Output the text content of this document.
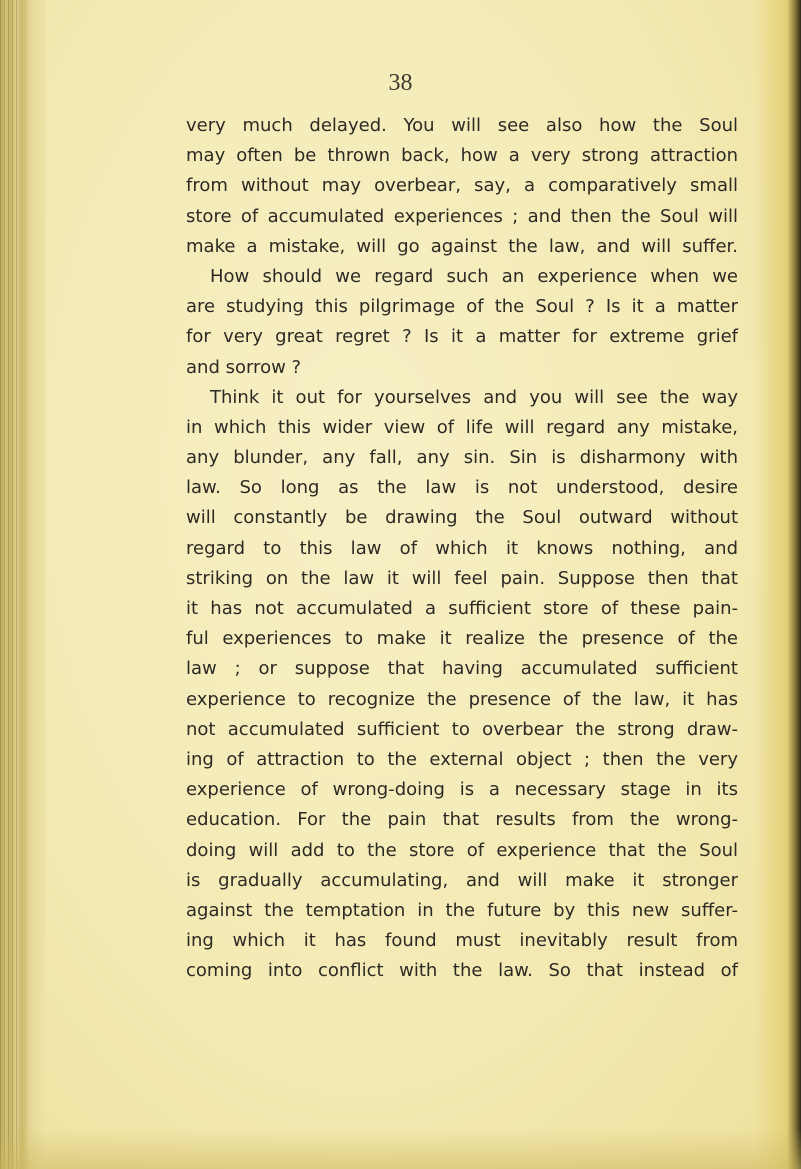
38
very much delayed. You will see also how the Soul
may often be thrown back, how a very strong attraction
from without may overbear, say, a comparatively small
store of accumulated experiences ; and then the Soul will
make a mistake, will go against the law, and will suffer.
How should we regard such an experience when we
are studying this pilgrimage of the Soul ? Is it a matter
for very great regret ? Is it a matter for extreme grief
and sorrow ?
Think it out for yourselves and you will see the way
in which this wider view of life will regard any mistake,
any blunder, any fall, any sin. Sin is disharmony with
law. So long as the law is not understood, desire
will constantly be drawing the Soul outward without
regard to this law of which it knows nothing, and
striking on the law it will feel pain. Suppose then that
it has not accumulated a sufficient store of these pain-
ful experiences to make it realize the presence of the
law ; or suppose that having accumulated sufficient
experience to recognize the presence of the law, it has
not accumulated sufficient to overbear the strong draw-
ing of attraction to the external object ; then the very
experience of wrong-doing is a necessary stage in its
education. For the pain that results from the wrong-
doing will add to the store of experience that the Soul
is gradually accumulating, and will make it stronger
against the temptation in the future by this new suffer-
ing which it has found must inevitably result from
coming into conflict with the law. So that instead of
